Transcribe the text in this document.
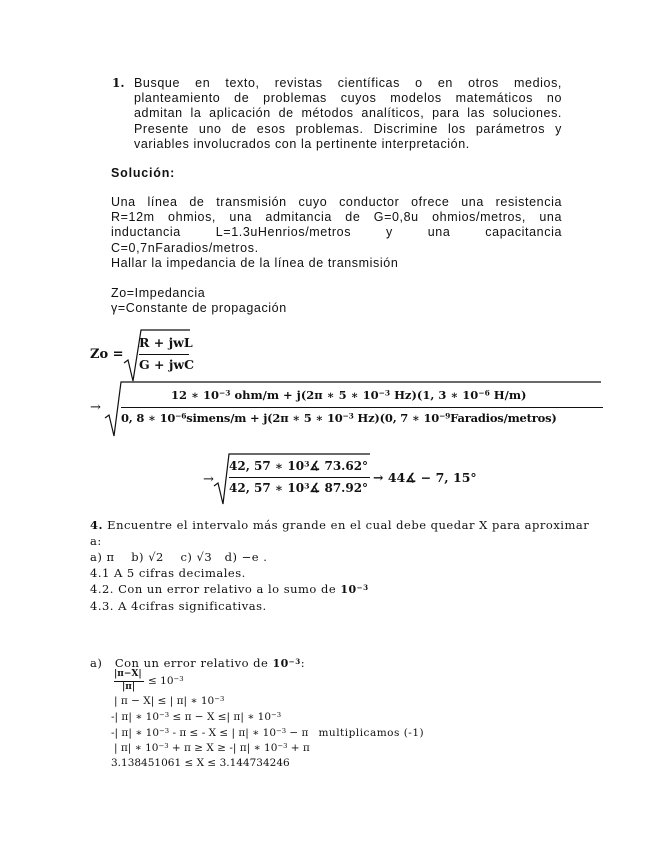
1. Busque en texto, revistas científicas o en otros medios,
planteamiento de problemas cuyos modelos matemáticos no
admitan la aplicación de métodos analíticos, para las soluciones.
Presente uno de esos problemas. Discrimine los parámetros y
variables involucrados con la pertinente interpretación.
Solución:
Una línea de transmisión cuyo conductor ofrece una resistencia
R=12m ohmios, una admitancia de G=0,8u ohmios/metros, una
inductancia L=1.3uHenrios/metros y una capacitancia
C=0,7nFaradios/metros.
Hallar la impedancia de la línea de transmisión
Zo=Impedancia
γ=Constante de propagación
Zo =
R + jwL
G + jwC
→
12 ∗ $10^{-3}$ ohm/m + j(2π ∗ 5 ∗ $10^{-3}$ Hz)(1, 3 ∗ $10^{-6}$ H/m)
0, 8 ∗ $10^{-6}simens/m + j(2\pi$ ∗ 5 ∗ $10^{-3}$ Hz)(0, 7 ∗ $10^{-9}Faradios/metros$)
→
42, 57 ∗ $10^3∡$ 73.62°
42, 57 ∗ $10^3∡$ 87.92°
→ 44∡ − 7, 15°
4. Encuentre el intervalo más grande en el cual debe quedar X para aproximar
a:
a) π b) √2 c) √3 d) −e .
4.1 A 5 cifras decimales.
4.2. Con un error relativo a lo sumo de $10^{-3}$
4.3. A 4cifras significativas.
a) Con un error relativo de $10^{-3}$:
|π−X|
$|\pi| \le 10^{-3}$
| π − X| ≤ | π| ∗ $10^{-3}$
-| π| ∗ $10^{-3} \le \pi - X$ ≤| π| ∗ $10^{-3}$
-| π| ∗ $10^{-3}$ - π ≤ - X ≤ | π| ∗ $10^{-3} - \pi$ multiplicamos (-1)
| π| ∗ $10^{-3} + \pi \ge X$ ≥ -| π| ∗ $10^{-3} + \pi$
3.138451061 ≤ X ≤ 3.144734246
